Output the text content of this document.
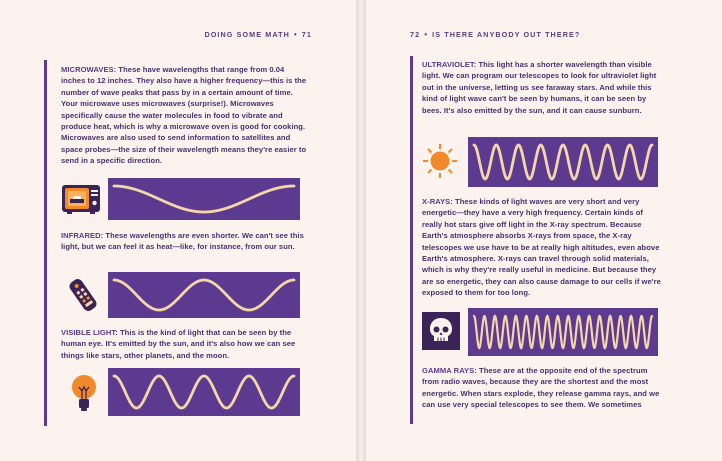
DOING SOME MATH • 71

MICROWAVES: These have wavelengths that range from 0.04 inches to 12 inches. They also have a higher frequency—this is the number of wave peaks that pass by in a certain amount of time. Your microwave uses microwaves (surprise!). Microwaves specifically cause the water molecules in food to vibrate and produce heat, which is why a microwave oven is good for cooking. Microwaves are also used to send information to satellites and space probes—the size of their wavelength means they're easier to send in a specific direction.

INFRARED: These wavelengths are even shorter. We can't see this light, but we can feel it as heat—like, for instance, from our sun.

VISIBLE LIGHT: This is the kind of light that can be seen by the human eye. It's emitted by the sun, and it's also how we can see things like stars, other planets, and the moon.

72 • IS THERE ANYBODY OUT THERE?

ULTRAVIOLET: This light has a shorter wavelength than visible light. We can program our telescopes to look for ultraviolet light out in the universe, letting us see faraway stars. And while this kind of light wave can't be seen by humans, it can be seen by bees. It's also emitted by the sun, and it can cause sunburn.

X-RAYS: These kinds of light waves are very short and very energetic—they have a very high frequency. Certain kinds of really hot stars give off light in the X-ray spectrum. Because Earth's atmosphere absorbs X-rays from space, the X-ray telescopes we use have to be at really high altitudes, even above Earth's atmosphere. X-rays can travel through solid materials, which is why they're really useful in medicine. But because they are so energetic, they can also cause damage to our cells if we're exposed to them for too long.

GAMMA RAYS: These are at the opposite end of the spectrum from radio waves, because they are the shortest and the most energetic. When stars explode, they release gamma rays, and we can use very special telescopes to see them. We sometimes
